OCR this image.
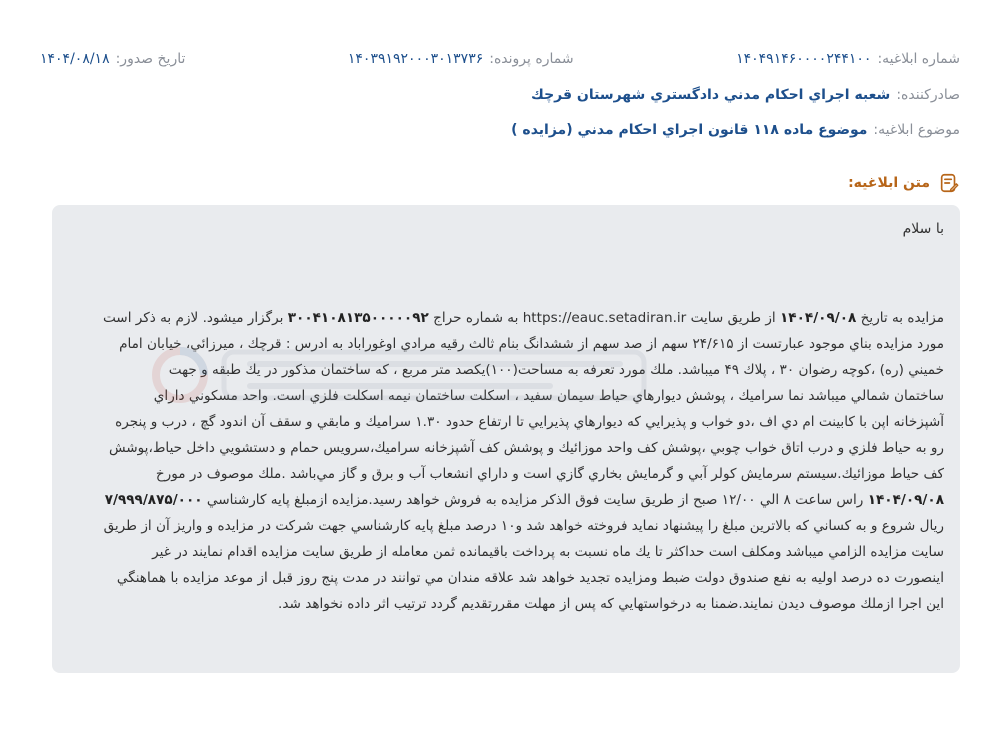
شماره ابلاغيه:
۱۴۰۴۹۱۴۶۰۰۰۰۲۴۴۱۰۰
شماره پرونده:
۱۴۰۳۹۱۹۲۰۰۰۳۰۱۳۷۳۶
تاريخ صدور:
۱۴۰۴/۰۸/۱۸
صادرکننده:
شعبه اجراي احکام مدني دادگستري شهرستان قرچك
موضوع ابلاغيه:
موضوع ماده ۱۱۸ قانون اجراي احکام مدني (مزايده )
متن ابلاغيه:
با سلام
مزايده به تاريخ ۱۴۰۴/۰۹/۰۸ از طريق سايت https://eauc.setadiran.ir به شماره حراج ۳۰۰۴۱۰۸۱۳۵۰۰۰۰۰۹۲ برگزار ميشود. لازم به ذکر است
مورد مزايده بناي موجود عبارتست از ۲۴/۶۱۵ سهم از صد سهم از ششدانگ بنام ثالث رقيه مرادي اوغوراباد به ادرس : قرچك ، ميرزائي، خيابان امام
خميني (ره) ،کوچه رضوان ۳۰ ، پلاك ۴۹ ميباشد. ملك مورد تعرفه به مساحت(۱۰۰)يکصد متر مربع ، که ساختمان مذکور در يك طبقه و جهت
ساختمان شمالي ميباشد نما سراميك ، پوشش ديوارهاي حياط سيمان سفيد ، اسکلت ساختمان نيمه اسکلت فلزي است. واحد مسکوني داراي
آشپزخانه اپن با کابينت ام دي اف ،دو خواب و پذيرايي که ديوارهاي پذيرايي تا ارتفاع حدود ۱.۳۰ سراميك و مابقي و سقف آن اندود گچ ، درب و پنجره
رو به حياط فلزي و درب اتاق خواب چوبي ،پوشش کف واحد موزائيك و پوشش کف آشپزخانه سراميك،سرويس حمام و دستشويي داخل حياط،پوشش
کف حياط موزائيك.سيستم سرمايش کولر آبي و گرمايش بخاري گازي است و داراي انشعاب آب و برق و گاز مي‌باشد .ملك موصوف در مورخ
۱۴۰۴/۰۹/۰۸ راس ساعت ۸ الي ۱۲/۰۰ صبح از طريق سايت فوق الذکر مزايده به فروش خواهد رسيد.مزايده ازمبلغ پايه کارشناسي ۷/۹۹۹/۸۷۵/۰۰۰
ريال شروع و به کساني که بالاترين مبلغ را پيشنهاد نمايد فروخته خواهد شد و۱۰ درصد مبلغ پايه کارشناسي جهت شرکت در مزايده و واريز آن از طريق
سايت مزايده الزامي ميباشد ومکلف است حداکثر تا يك ماه نسبت به پرداخت باقيمانده ثمن معامله از طريق سايت مزايده اقدام نمايند در غير
اينصورت ده درصد اوليه به نفع صندوق دولت ضبط ومزايده تجديد خواهد شد علاقه مندان مي توانند در مدت پنج روز قبل از موعد مزايده با هماهنگي
اين اجرا ازملك موصوف ديدن نمايند.ضمنا به درخواستهايي که پس از مهلت مقررتقديم گردد ترتيب اثر داده نخواهد شد.
